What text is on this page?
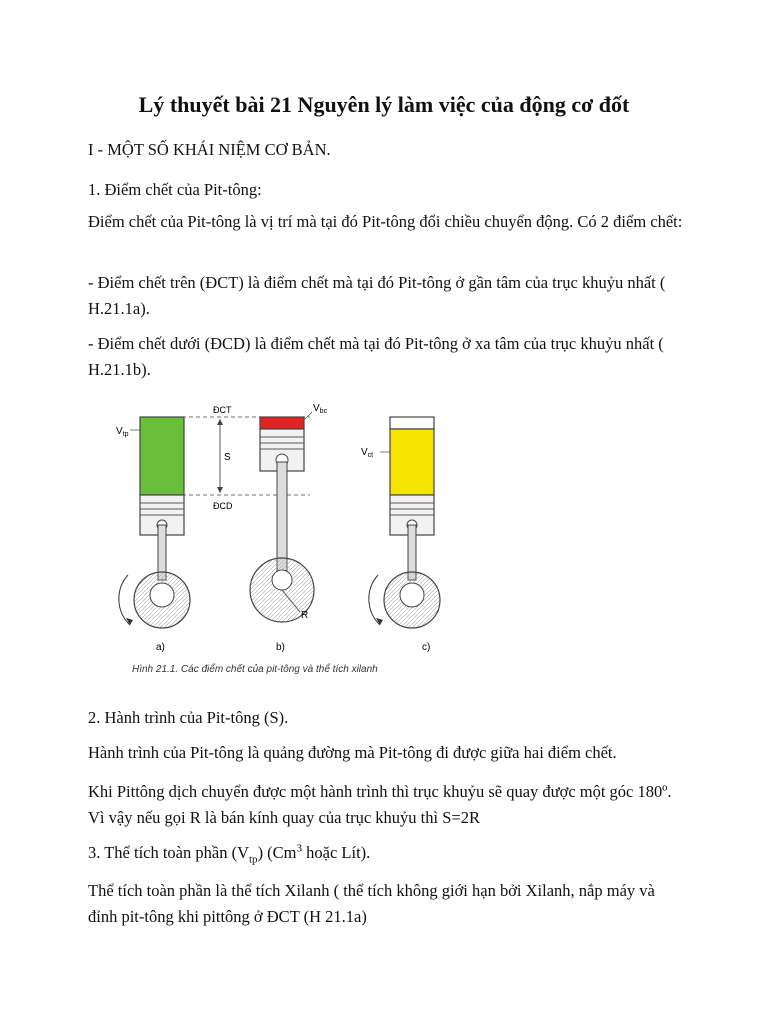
Lý thuyết bài 21 Nguyên lý làm việc của động cơ đốt

I - MỘT SỐ KHÁI NIỆM CƠ BẢN.

1. Điểm chết của Pit-tông:

Điểm chết của Pit-tông là vị trí mà tại đó Pit-tông đổi chiều chuyển động. Có 2 điểm chết:

- Điểm chết trên (ĐCT) là điểm chết mà tại đó Pit-tông ở gần tâm của trục khuỷu nhất ( H.21.1a).

- Điểm chết dưới (ĐCD) là điểm chết mà tại đó Pit-tông ở xa tâm của trục khuỷu nhất ( H.21.1b).

$V_{tp}$
a)
ĐCT
ĐCD
S
R
$V_{bc}$
b)
$V_{ct}$
c)
Hình 21.1. Các điểm chết của pit-tông và thể tích xilanh

2. Hành trình của Pit-tông (S).

Hành trình của Pit-tông là quảng đường mà Pit-tông đi được giữa hai điểm chết.

Khi Pittông dịch chuyển được một hành trình thì trục khuỷu sẽ quay được một góc 180º. Vì vậy nếu gọi R là bán kính quay của trục khuỷu thì S=2R

3. Thể tích toàn phần $(V_{tp})$ (Cm$^3$ hoặc Lít).

Thể tích toàn phần là thể tích Xilanh ( thể tích không giới hạn bởi Xilanh, nắp máy và đỉnh pit-tông khi pittông ở ĐCT (H 21.1a)
